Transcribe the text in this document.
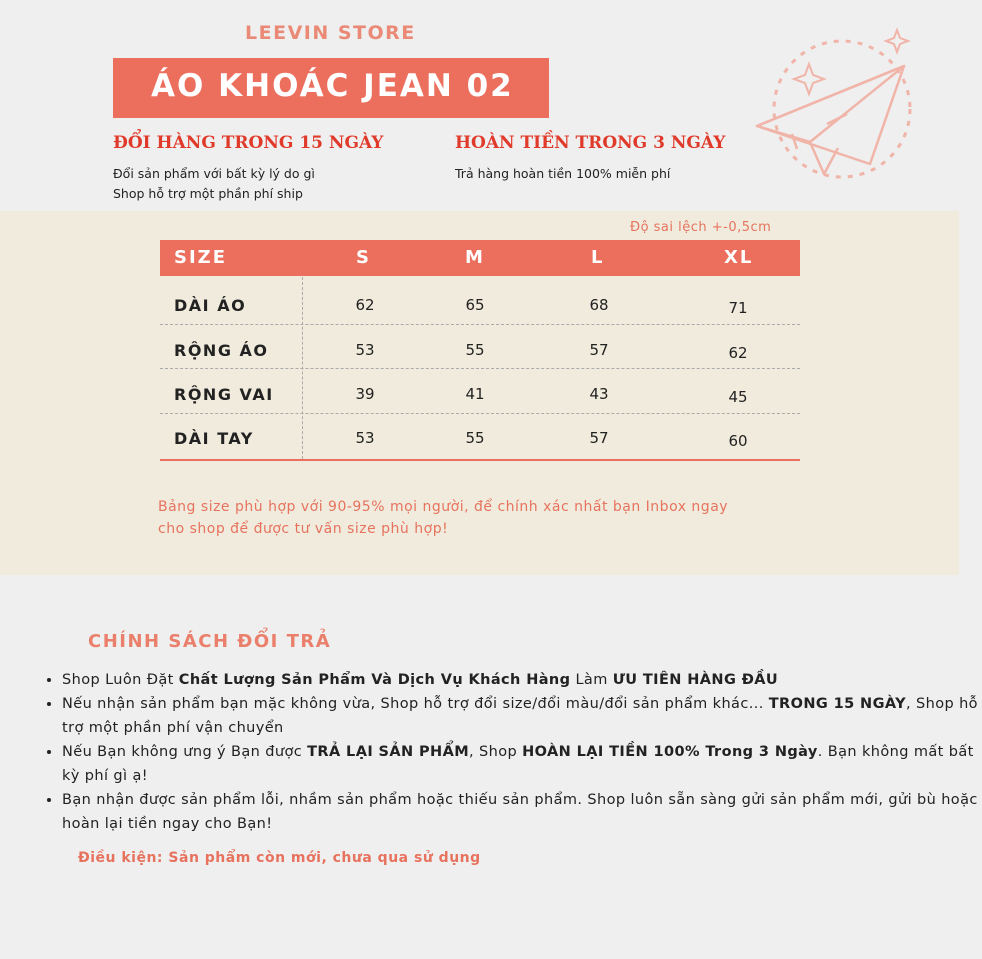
LEEVIN STORE
ÁO KHOÁC JEAN 02
ĐỔI HÀNG TRONG 15 NGÀY
Đổi sản phẩm với bất kỳ lý do gì
Shop hỗ trợ một phần phí ship
HOÀN TIỀN TRONG 3 NGÀY
Trả hàng hoàn tiền 100% miễn phí
Độ sai lệch +-0,5cm
SIZE	S	M	L	XL
DÀI ÁO	62	65	68	71
RỘNG ÁO	53	55	57	62
RỘNG VAI	39	41	43	45
DÀI TAY	53	55	57	60
Bảng size phù hợp với 90-95% mọi người, để chính xác nhất bạn Inbox ngay
cho shop để được tư vấn size phù hợp!
CHÍNH SÁCH ĐỔI TRẢ
• Shop Luôn Đặt Chất Lượng Sản Phẩm Và Dịch Vụ Khách Hàng Làm ƯU TIÊN HÀNG ĐẦU
• Nếu nhận sản phẩm bạn mặc không vừa, Shop hỗ trợ đổi size/đổi màu/đổi sản phẩm khác... TRONG 15 NGÀY, Shop hỗ trợ một phần phí vận chuyển
• Nếu Bạn không ưng ý Bạn được TRẢ LẠI SẢN PHẨM, Shop HOÀN LẠI TIỀN 100% Trong 3 Ngày. Bạn không mất bất kỳ phí gì ạ!
• Bạn nhận được sản phẩm lỗi, nhầm sản phẩm hoặc thiếu sản phẩm. Shop luôn sẵn sàng gửi sản phẩm mới, gửi bù hoặc hoàn lại tiền ngay cho Bạn!
Điều kiện: Sản phẩm còn mới, chưa qua sử dụng
